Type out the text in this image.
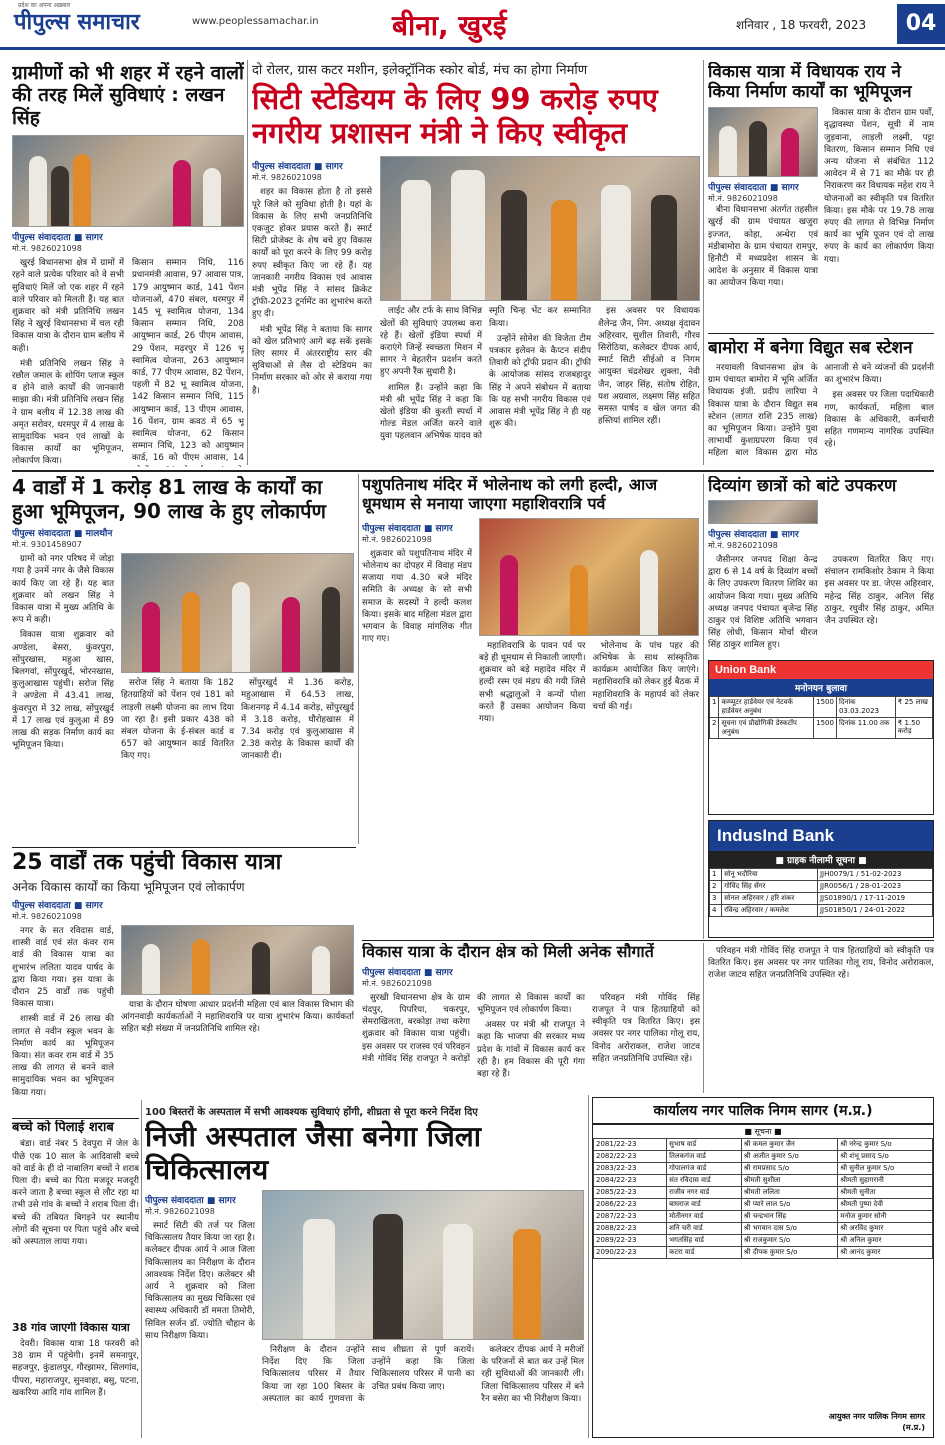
प्रदेश का अपना अख़बार
पीपुल्स समाचार	www.peoplessamachar.in	बीना, खुरई	शनिवार , 18 फरवरी, 2023	04
ग्रामीणों को भी शहर में रहने वालों की तरह मिलें सुविधाएं : लखन सिंह
पीपुल्स संवाददाता ■ सागर
मो.नं. 9826021098

खुरई विधानसभा क्षेत्र में ग्रामों में रहने वाले प्रत्येक परिवार को वे सभी सुविधाएं मिलें जो एक शहर में रहने वाले परिवार को मिलती हैं। यह बात शुक्रवार को मंत्री प्रतिनिधि लखन सिंह ने खुरई विधानसभा में चल रही विकास यात्रा के दौरान ग्राम बलीय में कही।

मंत्री प्रतिनिधि लखन सिंह ने रछौल जमाल के शोपिंग प्लाज स्कूल व होने वाले कार्यों की जानकारी साझा की। मंत्री प्रतिनिधि लखन सिंह ने ग्राम बलीय में 12.38 लाख की अमृत सरोवर, धरमपुर में 4 लाख के सामुदायिक भवन एवं लाखों के विकास कार्यों का भूमिपूजन, लोकार्पण किया।

किसान सम्मान निधि, 116 प्रधानमंत्री आवास, 97 आवास पात्र, 179 आयुष्मान कार्ड, 141 पेंशन योजनाओं, 470 संबल, धरमपुर में 145 भू स्वामित्व योजना, 134 किसान सम्मान निधि, 208 आयुष्मान कार्ड, 26 पीएम आवास, 29 पेंशन, मढ़रपुर में 126 भू स्वामित्व योजना, 263 आयुष्मान कार्ड, 77 पीएम आवास, 82 पेंशन, पहली में 82 भू स्वामित्व योजना, 142 किसान सम्मान निधि, 115 आयुष्मान कार्ड, 13 पीएम आवास, 16 पेंशन, ग्राम कवठ में 65 भू स्वामित्व योजना, 62 किसान सम्मान निधि, 123 को आयुष्मान कार्ड, 16 को पीएम आवास, 14

दो रोलर, ग्रास कटर मशीन, इलेक्ट्रॉनिक स्कोर बोर्ड, मंच का होगा निर्माण
सिटी स्टेडियम के लिए 99 करोड़ रुपए नगरीय प्रशासन मंत्री ने किए स्वीकृत
पीपुल्स संवाददाता ■ सागर
मो.नं. 9826021098

शहर का विकास होता है तो इससे पूरे जिले को सुविधा होती है। यहां के विकास के लिए सभी जनप्रतिनिधि एकजुट होकर प्रयास करते हैं। स्मार्ट सिटी प्रोजेक्ट के शेष बचे हुए विकास कार्यों को पूरा करने के लिए 99 करोड़ रुपए स्वीकृत किए जा रहे हैं। यह जानकारी नगरीय विकास एवं आवास मंत्री भूपेंद्र सिंह ने सांसद क्रिकेट ट्रॉफी-2023 टूर्नामेंट का शुभारंभ करते हुए दी।

मंत्री भूपेंद्र सिंह ने बताया कि सागर को खेल प्रतिभाएं आगे बढ़ सकें इसके लिए सागर में अंतरराष्ट्रीय स्तर की सुविधाओं से लैस दो स्टेडियम का निर्माण सरकार को ओर से कराया गया है।

लाईट और टर्फ के साथ विभिन्न खेलों की सुविधाएं उपलब्ध करा रहे हैं। खेलों इंडिया स्पर्धा में कराएंगे जिन्हें स्वच्छता मिशन में सागर ने बेहतरीन प्रदर्शन करते हुए अपनी रैंक सुधारी है।

शामिल हैं। उन्होंने कहा कि मंत्री श्री भूपेंद्र सिंह ने कहा कि खेलो इंडिया की कुश्ती स्पर्धा में गोल्ड मेडल अर्जित करने वाले युवा पहलवान अभिषेक यादव को स्मृति चिन्ह भेंट कर सम्मानित किया।

उन्होंने सोमेश की विजेता टीम पत्रकार इलेवन के कैप्टन संदीप तिवारी को ट्रॉफी प्रदान की। ट्रॉफी के आयोजक सांसद राजबहादुर सिंह ने अपने संबोधन में बताया कि यह सभी नगरीय विकास एवं आवास मंत्री भूपेंद्र सिंह ने ही यह शुरू की।

इस अवसर पर विधायक शैलेन्द्र जैन, निग. अध्यक्ष वृंदावन अहिरवार, सुशील तिवारी, गौरव सिरोठिया, कलेक्टर दीपक आर्य, स्मार्ट सिटी सीईओ व निगम आयुक्त चंद्रशेखर शुक्ला, नेवी जैन, जाहर सिंह, संतोष रोहित, यश अग्रवाल, लक्ष्मण सिंह सहित समस्त पार्षद व खेल जगत की हस्तियां शामिल रहीं।

विकास यात्रा में विधायक राय ने किया निर्माण कार्यों का भूमिपूजन
पीपुल्स संवाददाता ■ सागर
मो.नं. 9826021098

बीना विधानसभा अंतर्गत तहसील खुरई की ग्राम पंचायत खजुरा इज्जत, कोहा, अन्धेरा एवं मंडीबामोरा के ग्राम पंचायत रामपुर, हिनौटी में मध्यप्रदेश शासन के आदेश के अनुसार में विकास यात्रा का आयोजन किया गया।

विकास यात्रा के दौरान ग्राम पर्वों, वृद्धावस्था पेंशन, सूची में नाम जुड़वाना, लाड़ली लक्ष्मी, पट्टा वितरण, किसान सम्मान निधि एवं अन्य योजना से संबंधित 112 आवेदन में से 71 का मौके पर ही निराकरण कर विधायक महेश राय ने योजनाओं का स्वीकृति पत्र वितरित किया। इस मौके पर 19.78 लाख रुपए की लागत से विभिन्न निर्माण कार्य का भूमि पूजन एवं दो लाख रुपए के कार्य का लोकार्पण किया गया।

बामोरा में बनेगा विद्युत सब स्टेशन

नरयावली विधानसभा क्षेत्र के ग्राम पंचायत बामोरा में भूमि अर्जित विधायक इंजी. प्रदीप लारिया ने विकास यात्रा के दौरान विद्युत सब स्टेशन (लागत राशि 235 लाख) का भूमिपूजन किया। उन्होंने युवा लाभार्थी कुशाग्रपरण किया एवं महिला बाल विकास द्वारा मोठ आनाजी से बने व्यंजनों की प्रदर्शनी का शुभारंभ किया।

इस अवसर पर जिला पदाधिकारी गण, कार्यकर्ता, महिला बाल विकास के अधिकारी, कर्मचारी सहित गणमान्य नागरिक उपस्थित रहे।

4 वार्डों में 1 करोड़ 81 लाख के कार्यों का हुआ भूमिपूजन, 90 लाख के हुए लोकार्पण
पीपुल्स संवाददाता ■ मालथौन
मो.नं. 9301458907

ग्रामों को नगर परिषद में जोड़ा गया है उनमें नगर के जैसे विकास कार्य किए जा रहे हैं। यह बात शुक्रवार को लखन सिंह ने विकास यात्रा में मुख्य अतिथि के रूप में कही।

विकास यात्रा शुक्रवार को अण्डेला, बेसरा, कुंवरपुरा, सोंपुरखास, महुआ खास, बिलगवां, सोंपुरखुर्द, भोरनखास, कुलुआखास पहुंची। सरोज सिंह ने अण्डेला में 43.41 लाख, कुंवरपुरा में 32 लाख, सोंपुरखुर्द में 17 लाख एवं कुलुआ में 89 लाख की सड़क निर्माण कार्य का भूमिपूजन किया।

सरोज सिंह ने बताया कि 182 हितग्राहियों को पेंशन एवं 181 को लाड़ली लक्ष्मी योजना का लाभ दिया जा रहा है। इसी प्रकार 438 को संबल योजना के ई-संबल कार्ड व 657 को आयुष्मान कार्ड वितरित किए गए।

सोंपुरखुर्द में 1.36 करोड़, महुआखास में 64.53 लाख, किशनगढ़ में 4.14 करोड़, सोंपुरखुर्द में 3.18 करोड़, घौरोहखास में 7.34 करोड़ एवं कुलुआखास में 2.38 करोड़ के विकास कार्यों की जानकारी दी।

पशुपतिनाथ मंदिर में भोलेनाथ को लगी हल्दी, आज धूमधाम से मनाया जाएगा महाशिवरात्रि पर्व
पीपुल्स संवाददाता ■ सागर
मो.नं. 9826021098

शुक्रवार को पशुपतिनाथ मंदिर में भोलेनाथ का दोपहर में विवाह मंडप सजाया गया 4.30 बजे मंदिर समिति के अध्यक्ष के सो सभी समाज के सदस्यों ने हल्दी कलश किया। इसके बाद महिला मंडल द्वारा भगवान के विवाह मांगलिक गीत गाए गए।

महाशिवरात्रि के पावन पर्व पर बड़े ही धूमधाम से निकाली जाएगी। शुक्रवार को बड़े महादेव मंदिर में हल्दी रस्म एवं मंडप की गयी जिसे सभी श्रद्धालुओं ने कन्यों पोशा करते हैं उसका आयोजन किया गया।

भोलेनाथ के पांच पहर की अभिषेक के साथ सांस्कृतिक कार्यक्रम आयोजित किए जाएंगे। महाशिवरात्रि को लेकर हुई बैठक में महाशिवरात्रि के महापर्व को लेकर चर्चा की गई।

दिव्यांग छात्रों को बांटे उपकरण
पीपुल्स संवाददाता ■ सागर
मो.नं. 9826021098

जैसीनगर जनपद शिक्षा केन्द्र द्वारा 6 से 14 वर्ष के दिव्यांग बच्चों के लिए उपकरण वितरण शिविर का आयोजन किया गया। मुख्य अतिथि अध्यक्ष जनपद पंचायत बृजेन्द्र सिंह ठाकुर एवं विशिष्ट अतिथि भगवान सिंह लोधी, किसान मोर्चा धीरज सिंह ठाकुर शामिल हुए।

उपकरण वितरित किए गए। संचालन रामकिशोर ठेकाम ने किया इस अवसर पर डा. जेएस अहिरवार, महेन्द्र सिंह ठाकुर, अनिल सिंह ठाकुर, रघुवीर सिंह ठाकुर, अमित जैन उपस्थित रहे।

Union Bank
मनोनयन बुलावा
1	कम्प्यूटर हार्डवेयर एवं नेटवर्क हार्डवेयर अनुबंध	1500	दिनांक 03.03.2023	₹ 25 लाख
2	सूचना एवं प्रौद्योगिकी डेस्कटॉप अनुबंध	1500	दिनांक 11.00 तक	₹ 1.50 करोड़
IndusInd Bank
■ ग्राहक नीलामी सूचना ■
1	सोनू भदौरिया	JJH0079/1 / 51-02-2023
2	गोविंद सिंह सेंगर	JJR0056/1 / 28-01-2023
3	सोनल अहिरवार / हरि शंकर	JJS01890/1 / 17-11-2019
4	रविन्द्र अहिरवार / कमलेश	JJS01850/1 / 24-01-2022
25 वार्डों तक पहुंची विकास यात्रा
अनेक विकास कार्यों का किया भूमिपूजन एवं लोकार्पण
पीपुल्स संवाददाता ■ सागर
मो.नं. 9826021098

नगर के सत रविदास वार्ड, शास्त्री वार्ड एवं संत कंवर राम वार्ड की विकास यात्रा का शुभारंभ ललिता यादव पार्षद के द्वारा किया गया। इस यात्रा के दौरान 25 वार्डों तक पहुंची विकास यात्रा।

शास्त्री वार्ड में 26 लाख की लागत से नवीन स्कूल भवन के निर्माण कार्य का भूमिपूजन किया। संत कवर राम वार्ड में 35 लाख की लागत से बनने वाले सामुदायिक भवन का भूमिपूजन किया गया।

यात्रा के दौरान घोषणा आधार प्रदर्शनी महिला एवं बाल विकास विभाग की आंगनवाड़ी कार्यकर्ताओं ने महाशिवरात्रि पर यात्रा शुभारंभ किया। कार्यकर्ता सहित बड़ी संख्या में जनप्रतिनिधि शामिल रहे।

विकास यात्रा के दौरान क्षेत्र को मिली अनेक सौगातें
पीपुल्स संवाददाता ■ सागर
मो.नं. 9826021098

सुरखी विधानसभा क्षेत्र के ग्राम चंदपुर, पिपरिया, चकरपुर, सेमराखिलता, बरकोड़ा तथा करेगा शुक्रवार को विकास यात्रा पहुंची। इस अवसर पर राजस्व एवं परिवहन मंत्री गोविंद सिंह राजपूत ने करोड़ों की लागत से विकास कार्यों का भूमिपूजन एवं लोकार्पण किया।

अवसर पर मंत्री श्री राजपूत ने कहा कि भाजपा की सरकार मध्य प्रदेश के गांवों में विकास कार्य कर रही है। हम विकास की पूरी गंगा बहा रहे हैं।

परिवहन मंत्री गोविंद सिंह राजपूत ने पात्र हितग्राहियों को स्वीकृति पत्र वितरित किए। इस अवसर पर नगर पालिका गोलू राय, विनोद अरोराकल, राजेश जाटव सहित जनप्रतिनिधि उपस्थित रहे।

परिवहन मंत्री गोविंद सिंह राजपूत ने पात्र हितग्राहियों को स्वीकृति पत्र वितरित किए। इस अवसर पर नगर पालिका गोलू राय, विनोद अरोराकल, राजेश जाटव सहित जनप्रतिनिधि उपस्थित रहे।

बच्चे को पिलाई शराब

बंडा। वार्ड नंबर 5 देवपुरा में जेल के पीछे एक 10 साल के आदिवासी बच्चे को वार्ड के ही दो नाबालिग बच्चों ने शराब पिला दी। बच्चे का पिता मजदूर मजदूरी करने जाता है बच्चा स्कूल से लौट रहा था तभी उसे गांव के बच्चों ने शराब पिला दी। बच्चे की तबियत बिगड़ने पर स्थानीय लोगों की सूचना पर पिता पहुंचे और बच्चे को अस्पताल लाया गया।

38 गांव जाएगी विकास यात्रा

देवरी। विकास यात्रा 18 फरवरी को 38 ग्राम में पहुंचेगी। इनमें समनापुर, सहजपुर, कुंडालपुर, गौरझामर, सिलगांव, पीपरा, महाराजपुर, सुनवाहा, बसु, पटना, खकरिया आदि गांव शामिल हैं।

100 बिस्तरों के अस्पताल में सभी आवश्यक सुविधाएं होंगी, शीघ्रता से पूरा करने निर्देश दिए
निजी अस्पताल जैसा बनेगा जिला चिकित्सालय
पीपुल्स संवाददाता ■ सागर
मो.नं. 9826021098

स्मार्ट सिटी की तर्ज पर जिला चिकित्सालय तैयार किया जा रहा है। कलेक्टर दीपक आर्य ने आज जिला चिकित्सालय का निरीक्षण के दौरान आवश्यक निर्देश दिए। कलेक्टर श्री आर्य ने शुक्रवार को जिला चिकित्सालय का मुख्य चिकित्सा एवं स्वास्थ्य अधिकारी डॉ ममता तिमोरी, सिविल सर्जन डॉ. ज्योति चौहान के साथ निरीक्षण किया।

निरीक्षण के दौरान उन्होंने निर्देश दिए कि जिला चिकित्सालय परिसर में तैयार किया जा रहा 100 बिस्तर के अस्पताल का कार्य गुणवत्ता के साथ शीघ्रता से पूर्ण करायें। उन्होंने कहा कि जिला चिकित्सालय परिसर में पानी का उचित प्रबंध किया जाए।

कलेक्टर दीपक आर्य ने मरीजों के परिजनों से बात कर उन्हें मिल रही सुविधाओं की जानकारी ली। जिला चिकित्सालय परिसर में बने रैन बसेरा का भी निरीक्षण किया।

कार्यालय नगर पालिक निगम सागर (म.प्र.)
■ सूचना ■
2081/22-23	सुभाष वार्ड	श्री कमल कुमार जैन	श्री नरेन्द्र कुमार S/o
2082/22-23	तिलकगंज वार्ड	श्री अजीत कुमार S/o	श्री शंभू प्रसाद S/o
2083/22-23	गोपालगंज वार्ड	श्री रामप्रसाद S/o	श्री सुनील कुमार S/o
2084/22-23	संत रविदास वार्ड	श्रीमती सुशीला	श्रीमती सुहागरानी
2085/22-23	राजीव नगर वार्ड	श्रीमती ललिता	श्रीमती सुनीता
2086/22-23	बाघराज वार्ड	श्री प्यारे लाल S/o	श्रीमती पुष्पा देवी
2087/22-23	मोतीनगर वार्ड	श्री चन्द्रभान सिंह	मनोज कुमार सोनी
2088/22-23	शनि चरी वार्ड	श्री भगवान दास S/o	श्री अरविंद कुमार
2089/22-23	भगतसिंह वार्ड	श्री राजकुमार S/o	श्री अनिल कुमार
2090/22-23	कटरा वार्ड	श्री दीपक कुमार S/o	श्री आनंद कुमार
आयुक्त नगर पालिक निगम सागर (म.प्र.)
